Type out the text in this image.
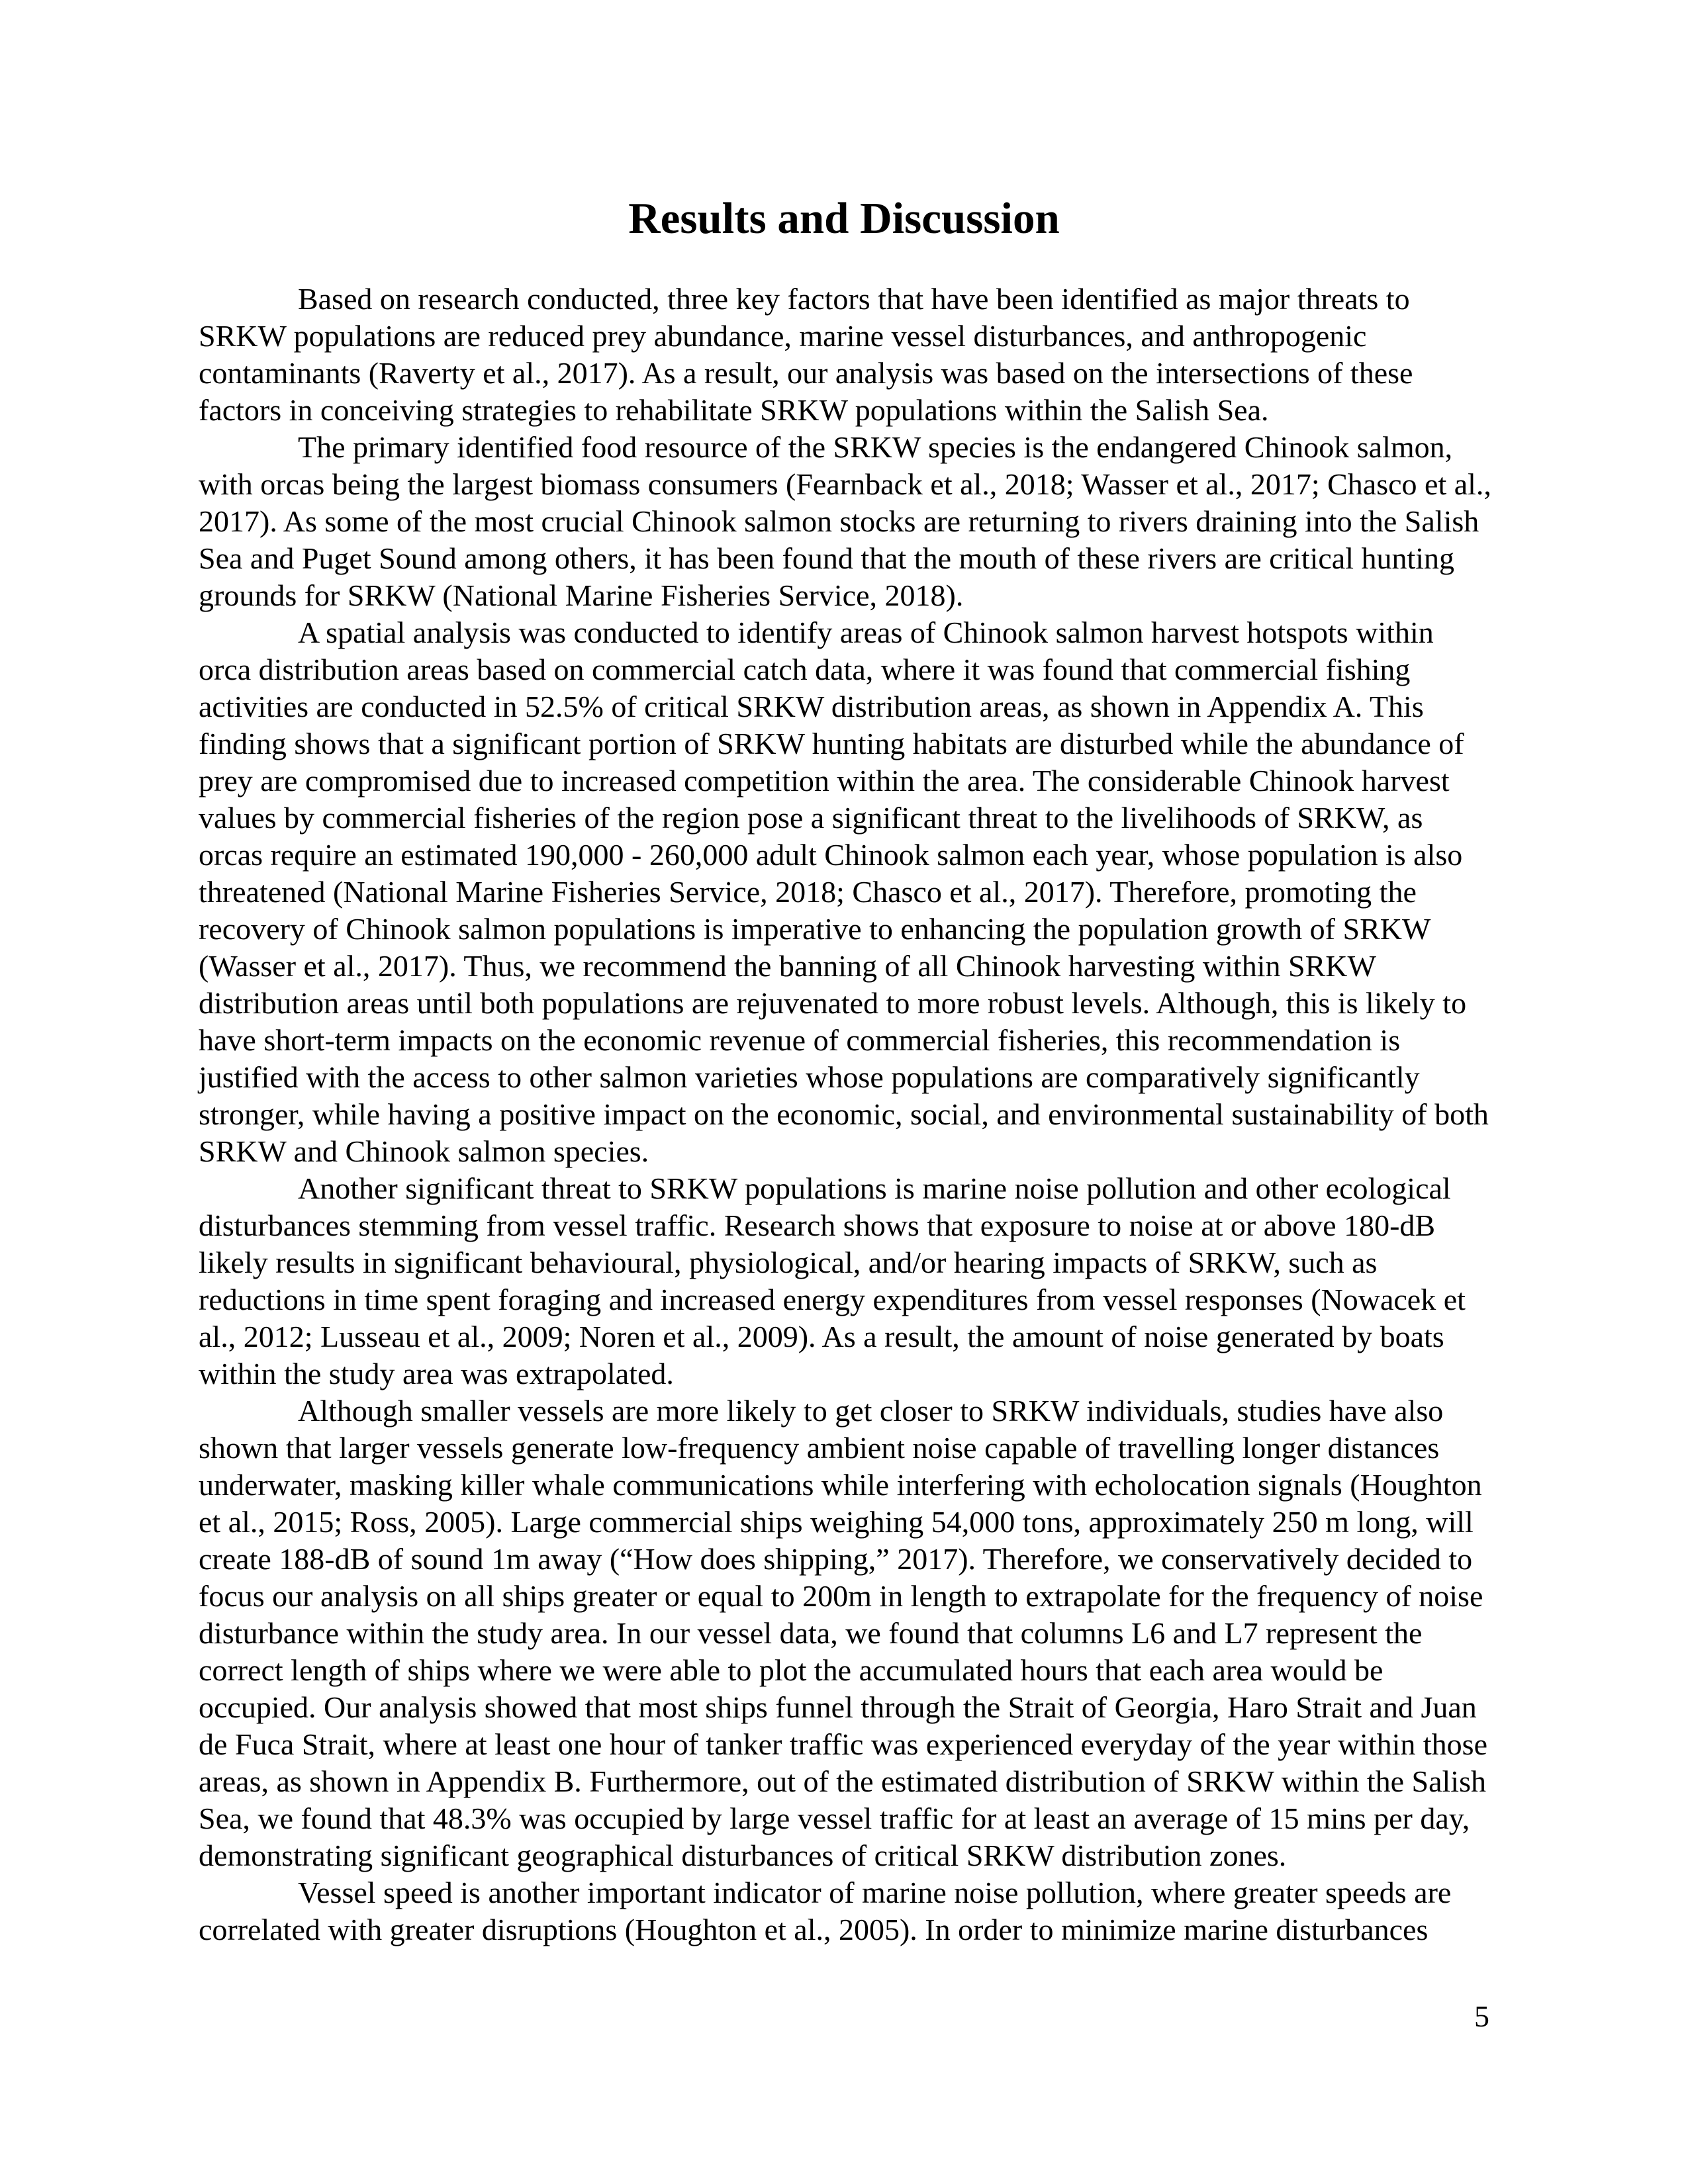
Results and Discussion
Based on research conducted, three key factors that have been identified as major threats to
SRKW populations are reduced prey abundance, marine vessel disturbances, and anthropogenic
contaminants (Raverty et al., 2017). As a result, our analysis was based on the intersections of these
factors in conceiving strategies to rehabilitate SRKW populations within the Salish Sea.
The primary identified food resource of the SRKW species is the endangered Chinook salmon,
with orcas being the largest biomass consumers (Fearnback et al., 2018; Wasser et al., 2017; Chasco et al.,
2017). As some of the most crucial Chinook salmon stocks are returning to rivers draining into the Salish
Sea and Puget Sound among others, it has been found that the mouth of these rivers are critical hunting
grounds for SRKW (National Marine Fisheries Service, 2018).
A spatial analysis was conducted to identify areas of Chinook salmon harvest hotspots within
orca distribution areas based on commercial catch data, where it was found that commercial fishing
activities are conducted in 52.5% of critical SRKW distribution areas, as shown in Appendix A. This
finding shows that a significant portion of SRKW hunting habitats are disturbed while the abundance of
prey are compromised due to increased competition within the area. The considerable Chinook harvest
values by commercial fisheries of the region pose a significant threat to the livelihoods of SRKW, as
orcas require an estimated 190,000 - 260,000 adult Chinook salmon each year, whose population is also
threatened (National Marine Fisheries Service, 2018; Chasco et al., 2017). Therefore, promoting the
recovery of Chinook salmon populations is imperative to enhancing the population growth of SRKW
(Wasser et al., 2017). Thus, we recommend the banning of all Chinook harvesting within SRKW
distribution areas until both populations are rejuvenated to more robust levels. Although, this is likely to
have short-term impacts on the economic revenue of commercial fisheries, this recommendation is
justified with the access to other salmon varieties whose populations are comparatively significantly
stronger, while having a positive impact on the economic, social, and environmental sustainability of both
SRKW and Chinook salmon species.
Another significant threat to SRKW populations is marine noise pollution and other ecological
disturbances stemming from vessel traffic. Research shows that exposure to noise at or above 180-dB
likely results in significant behavioural, physiological, and/or hearing impacts of SRKW, such as
reductions in time spent foraging and increased energy expenditures from vessel responses (Nowacek et
al., 2012; Lusseau et al., 2009; Noren et al., 2009). As a result, the amount of noise generated by boats
within the study area was extrapolated.
Although smaller vessels are more likely to get closer to SRKW individuals, studies have also
shown that larger vessels generate low-frequency ambient noise capable of travelling longer distances
underwater, masking killer whale communications while interfering with echolocation signals (Houghton
et al., 2015; Ross, 2005). Large commercial ships weighing 54,000 tons, approximately 250 m long, will
create 188-dB of sound 1m away (“How does shipping,” 2017). Therefore, we conservatively decided to
focus our analysis on all ships greater or equal to 200m in length to extrapolate for the frequency of noise
disturbance within the study area. In our vessel data, we found that columns L6 and L7 represent the
correct length of ships where we were able to plot the accumulated hours that each area would be
occupied. Our analysis showed that most ships funnel through the Strait of Georgia, Haro Strait and Juan
de Fuca Strait, where at least one hour of tanker traffic was experienced everyday of the year within those
areas, as shown in Appendix B. Furthermore, out of the estimated distribution of SRKW within the Salish
Sea, we found that 48.3% was occupied by large vessel traffic for at least an average of 15 mins per day,
demonstrating significant geographical disturbances of critical SRKW distribution zones.
Vessel speed is another important indicator of marine noise pollution, where greater speeds are
correlated with greater disruptions (Houghton et al., 2005). In order to minimize marine disturbances
5
